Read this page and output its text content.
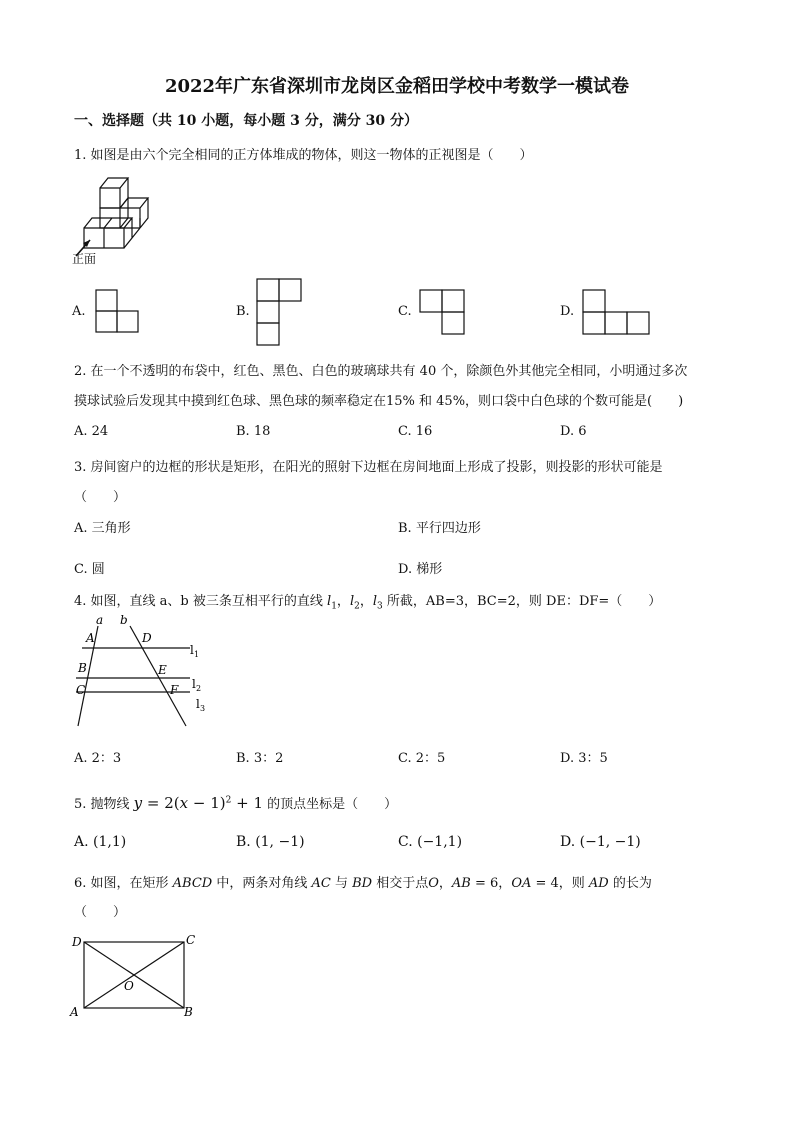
2022年广东省深圳市龙岗区金稻田学校中考数学一模试卷
一、选择题（共 10 小题，每小题 3 分，满分 30 分）
1. 如图是由六个完全相同的正方体堆成的物体，则这一物体的正视图是（　　）
正面
A.	B.	C.	D.
2. 在一个不透明的布袋中，红色、黑色、白色的玻璃球共有 40 个，除颜色外其他完全相同，小明通过多次
摸球试验后发现其中摸到红色球、黑色球的频率稳定在15% 和 45%，则口袋中白色球的个数可能是(　　)
A. 24	B. 18	C. 16	D. 6
3. 房间窗户的边框的形状是矩形，在阳光的照射下边框在房间地面上形成了投影，则投影的形状可能是
（　　）
A. 三角形	B. 平行四边形
C. 圆	D. 梯形
4. 如图，直线 a、b 被三条互相平行的直线 $l_1$，$l_2$，$l_3$ 所截，AB=3，BC=2，则 DE：DF=（　　）
a b
A	D
B	E
C	F
l 1
l 2
l 3
A. 2：3	B. 3：2	C. 2：5	D. 3：5
5. 抛物线 $y = 2(x - 1)^2 + 1$ 的顶点坐标是（　　）
A. (1,1)	B. (1, −1)	C. (−1,1)	D. (−1, −1)
6. 如图，在矩形 ABCD 中，两条对角线 AC 与 BD 相交于点O，AB = 6，OA = 4，则 AD 的长为
（　　）
D	C
O
A	B
